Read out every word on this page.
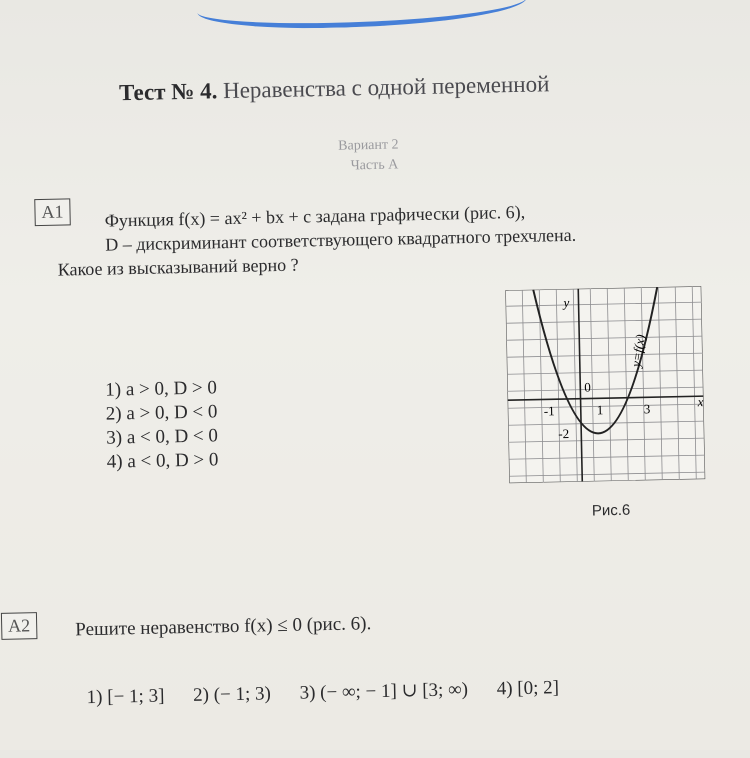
Тест № 4. Неравенства с одной переменной
Вариант 2
Часть A
A1	Функция f(x) = ax² + bx + c задана графически (рис. 6),
D – дискриминант соответствующего квадратного трехчлена.
Какое из высказываний верно ?
1) a > 0, D > 0
2) a > 0, D < 0
3) a < 0, D < 0
4) a < 0, D > 0
y
x
y=f(x)
0
-1	1	3
-2
Рис.6
A2	Решите неравенство f(x) ≤ 0 (рис. 6).
1) [− 1; 3] 2) (− 1; 3) 3) (− ∞; − 1] ∪ [3; ∞) 4) [0; 2]
